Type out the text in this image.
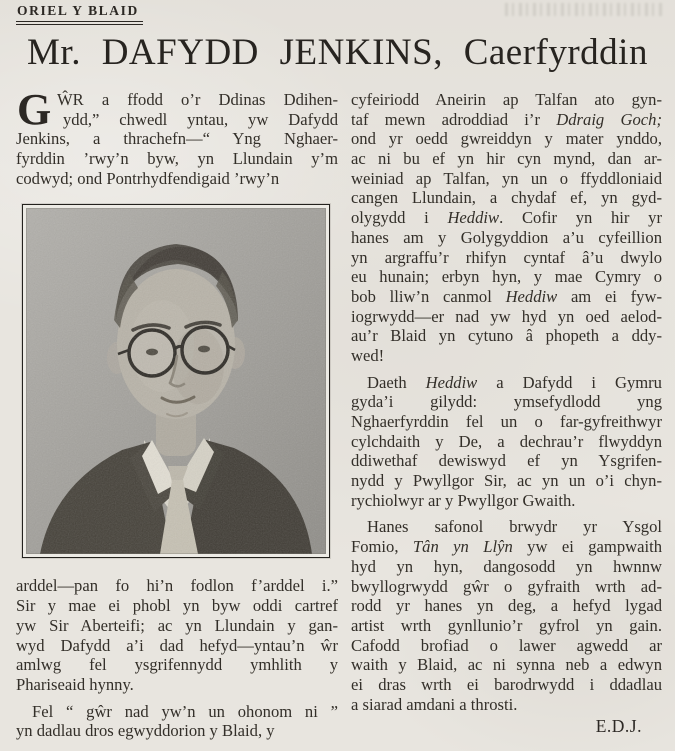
ORIEL Y BLAID
Mr. DAFYDD JENKINS, Caerfyrddin
G ŴR a ffodd o’r Ddinas Ddihen-
ydd,” chwedl yntau, yw Dafydd
Jenkins, a thrachefn—“ Yng Nghaer-
fyrddin ’rwy’n byw, yn Llundain y’m
codwyd; ond Pontrhydfendigaid ’rwy’n
arddel—pan fo hi’n fodlon f’arddel i.”
Sir y mae ei phobl yn byw oddi cartref
yw Sir Aberteifi; ac yn Llundain y gan-
wyd Dafydd a’i dad hefyd—yntau’n ŵr
amlwg fel ysgrifennydd ymhlith y
Phariseaid hynny.
Fel “ gŵr nad yw’n un ohonom ni ”
yn dadlau dros egwyddorion y Blaid, y
cyfeiriodd Aneirin ap Talfan ato gyn-
taf mewn adroddiad i’r Ddraig Goch;
ond yr oedd gwreiddyn y mater ynddo,
ac ni bu ef yn hir cyn mynd, dan ar-
weiniad ap Talfan, yn un o ffyddloniaid
cangen Llundain, a chydaf ef, yn gyd-
olygydd i Heddiw. Cofir yn hir yr
hanes am y Golygyddion a’u cyfeillion
yn argraffu’r rhifyn cyntaf â’u dwylo
eu hunain; erbyn hyn, y mae Cymry o
bob lliw’n canmol Heddiw am ei fyw-
iogrwydd—er nad yw hyd yn oed aelod-
au’r Blaid yn cytuno â phopeth a ddy-
wed!
Daeth Heddiw a Dafydd i Gymru
gyda’i gilydd: ymsefydlodd yng
Nghaerfyrddin fel un o far-gyfreithwyr
cylchdaith y De, a dechrau’r flwyddyn
ddiwethaf dewiswyd ef yn Ysgrifen-
nydd y Pwyllgor Sir, ac yn un o’i chyn-
rychiolwyr ar y Pwyllgor Gwaith.
Hanes safonol brwydr yr Ysgol
Fomio, Tân yn Llŷn yw ei gampwaith
hyd yn hyn, dangosodd yn hwnnw
bwyllogrwydd gŵr o gyfraith wrth ad-
rodd yr hanes yn deg, a hefyd lygad
artist wrth gynllunio’r gyfrol yn gain.
Cafodd brofiad o lawer agwedd ar
waith y Blaid, ac ni synna neb a edwyn
ei dras wrth ei barodrwydd i ddadlau
a siarad amdani a throsti.
E.D.J.
